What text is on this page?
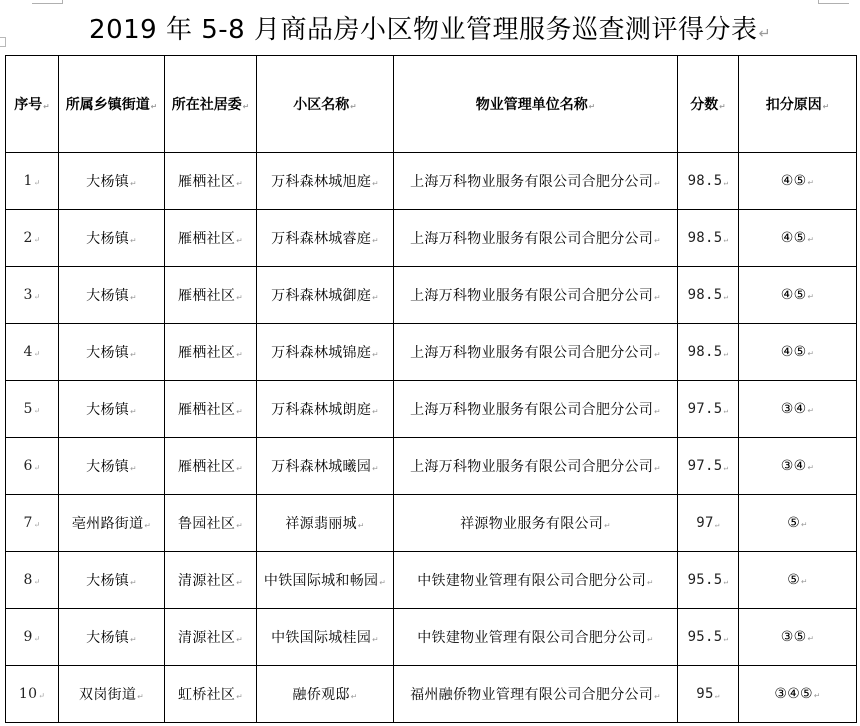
2019 年 5-8 月商品房小区物业管理服务巡查测评得分表↵
序号↵	所属乡镇街道↵	所在社居委↵	小区名称↵	物业管理单位名称↵	分数↵	扣分原因↵
1↵	大杨镇↵	雁栖社区↵	万科森林城旭庭↵	上海万科物业服务有限公司合肥分公司↵	98.5↵	④⑤↵
2↵	大杨镇↵	雁栖社区↵	万科森林城睿庭↵	上海万科物业服务有限公司合肥分公司↵	98.5↵	④⑤↵
3↵	大杨镇↵	雁栖社区↵	万科森林城御庭↵	上海万科物业服务有限公司合肥分公司↵	98.5↵	④⑤↵
4↵	大杨镇↵	雁栖社区↵	万科森林城锦庭↵	上海万科物业服务有限公司合肥分公司↵	98.5↵	④⑤↵
5↵	大杨镇↵	雁栖社区↵	万科森林城朗庭↵	上海万科物业服务有限公司合肥分公司↵	97.5↵	③④↵
6↵	大杨镇↵	雁栖社区↵	万科森林城曦园↵	上海万科物业服务有限公司合肥分公司↵	97.5↵	③④↵
7↵	亳州路街道↵	鲁园社区↵	祥源翡丽城↵	祥源物业服务有限公司↵	97↵	⑤↵
8↵	大杨镇↵	清源社区↵	中铁国际城和畅园↵	中铁建物业管理有限公司合肥分公司↵	95.5↵	⑤↵
9↵	大杨镇↵	清源社区↵	中铁国际城桂园↵	中铁建物业管理有限公司合肥分公司↵	95.5↵	③⑤↵
10↵	双岗街道↵	虹桥社区↵	融侨观邸↵	福州融侨物业管理有限公司合肥分公司↵	95↵	③④⑤↵
